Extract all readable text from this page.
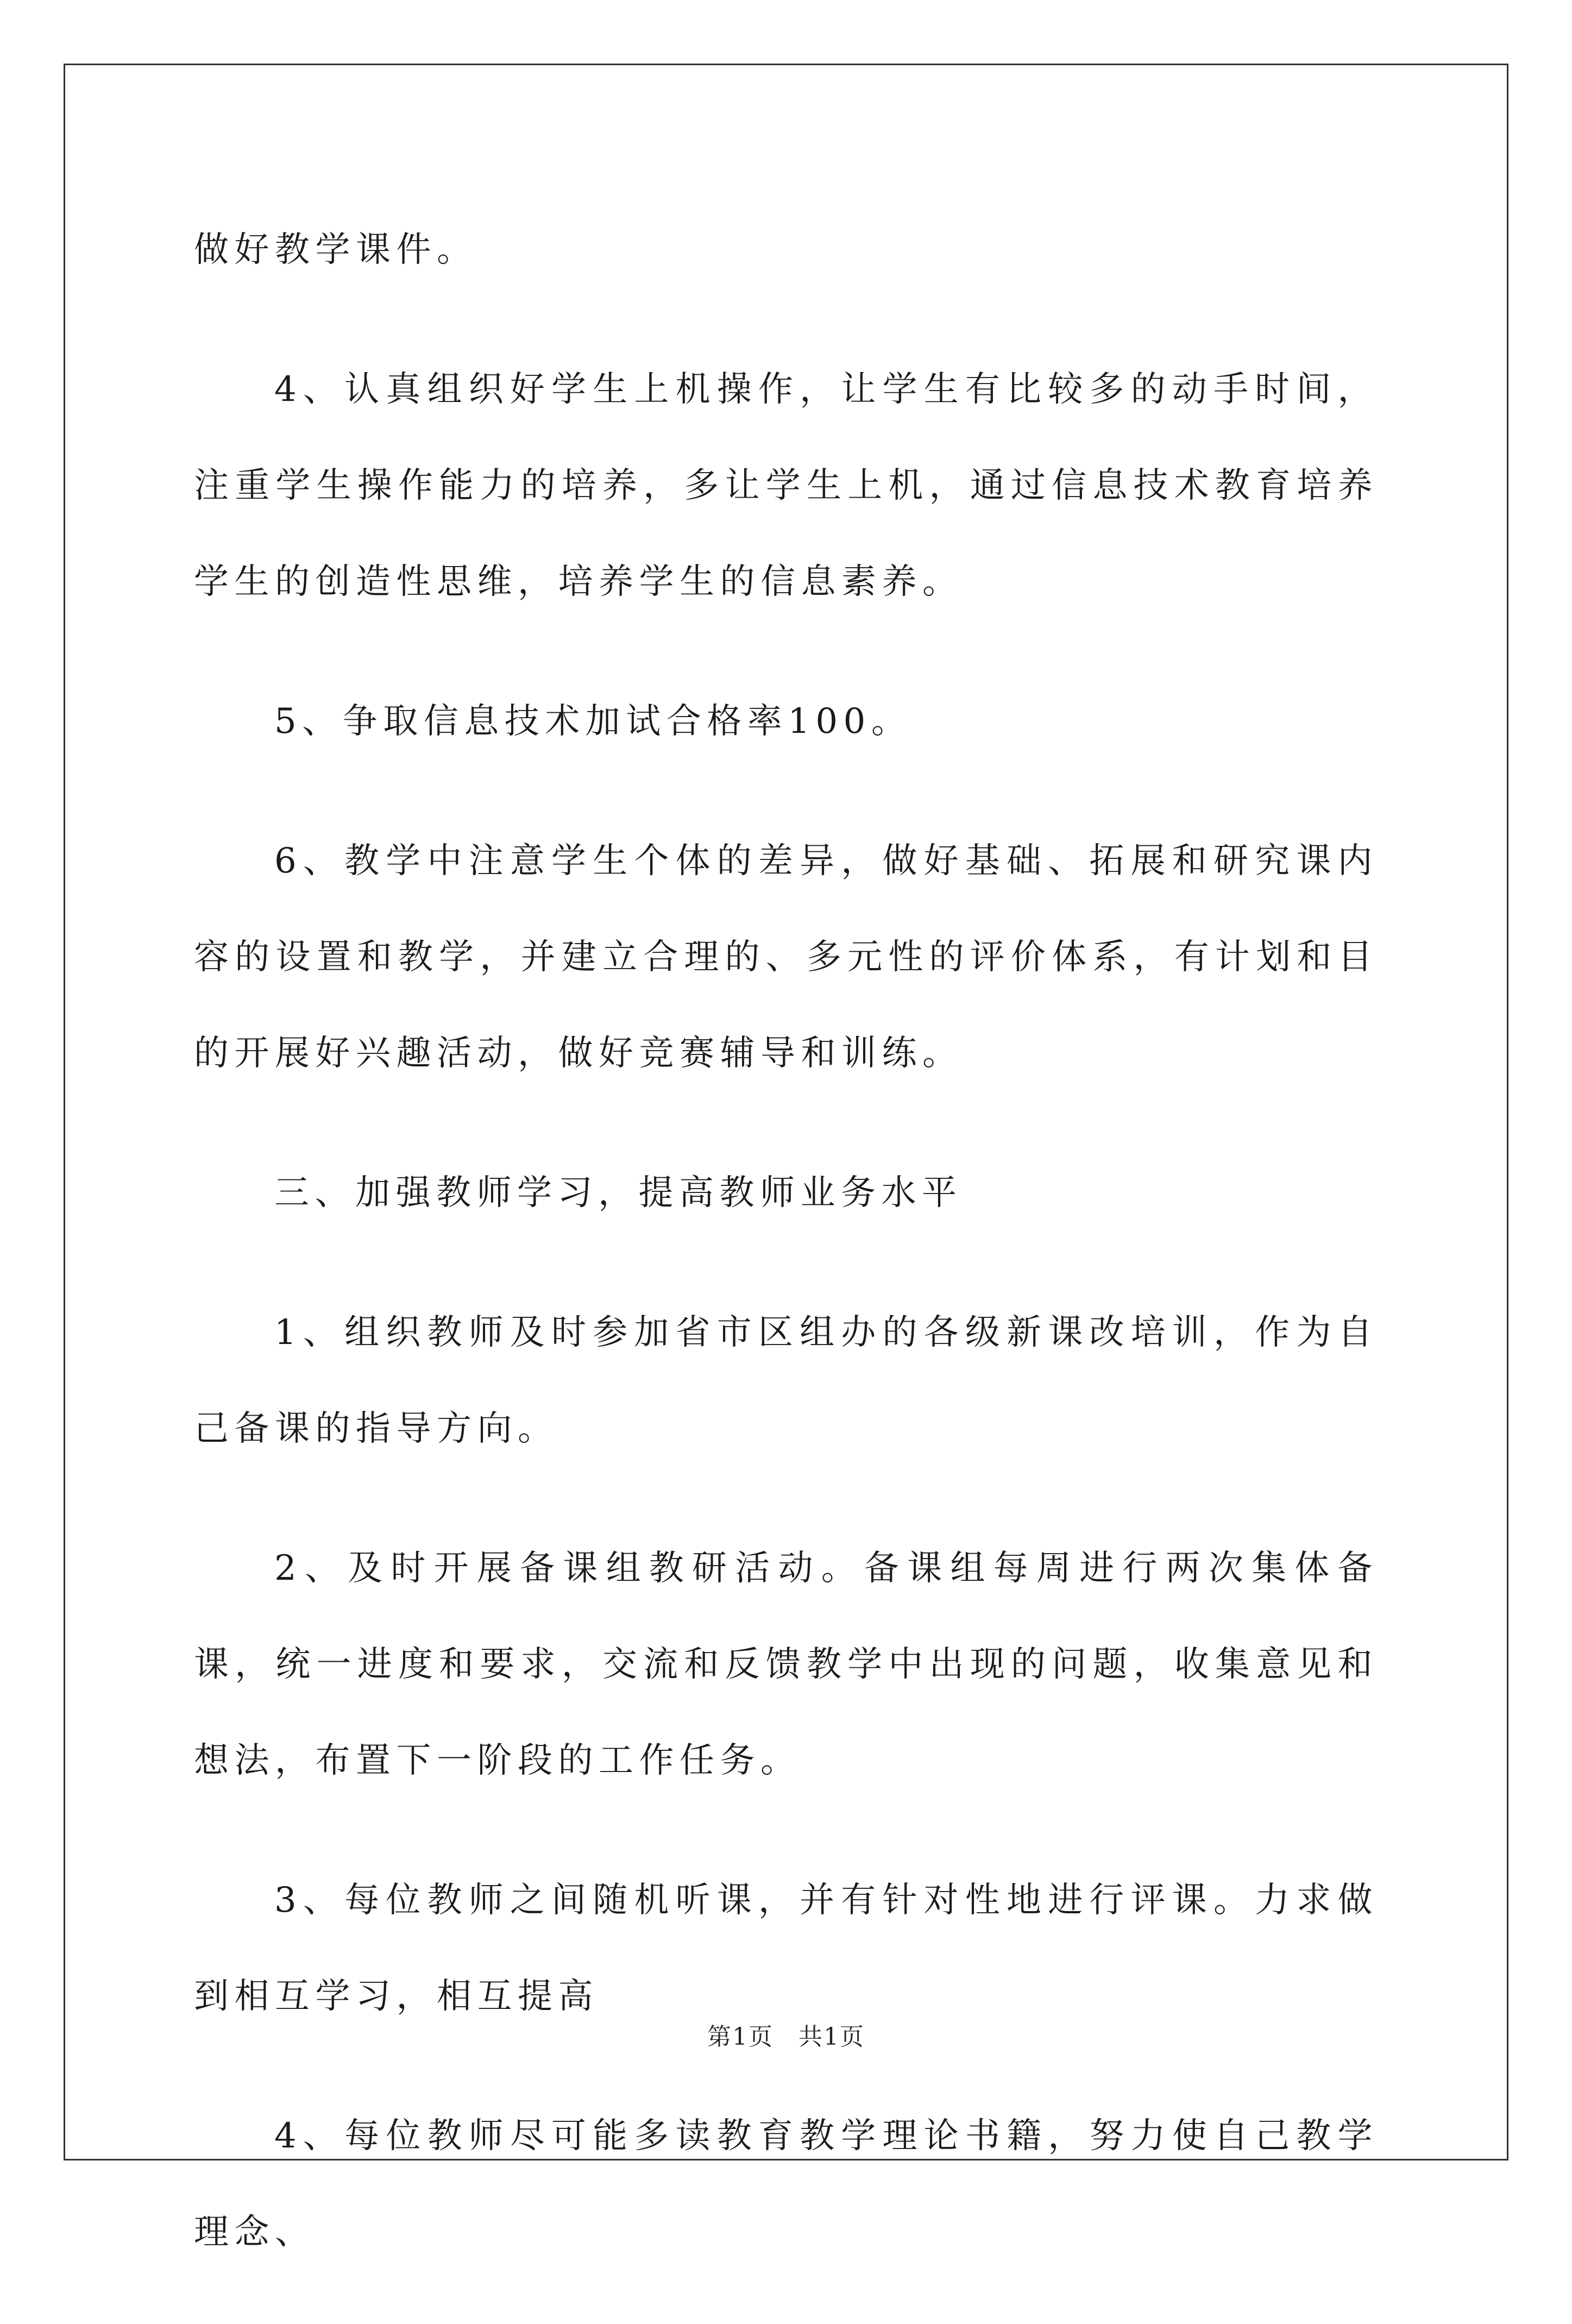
做好教学课件。

4、认真组织好学生上机操作，让学生有比较多的动手时间，注重学生操作能力的培养，多让学生上机，通过信息技术教育培养学生的创造性思维，培养学生的信息素养。

5、争取信息技术加试合格率100。

6、教学中注意学生个体的差异，做好基础、拓展和研究课内容的设置和教学，并建立合理的、多元性的评价体系，有计划和目的开展好兴趣活动，做好竞赛辅导和训练。

三、加强教师学习，提高教师业务水平

1、组织教师及时参加省市区组办的各级新课改培训，作为自己备课的指导方向。

2、及时开展备课组教研活动。备课组每周进行两次集体备课，统一进度和要求，交流和反馈教学中出现的问题，收集意见和想法，布置下一阶段的工作任务。

3、每位教师之间随机听课，并有针对性地进行评课。力求做到相互学习，相互提高

4、每位教师尽可能多读教育教学理论书籍，努力使自己教学理念、

第1页　共1页
